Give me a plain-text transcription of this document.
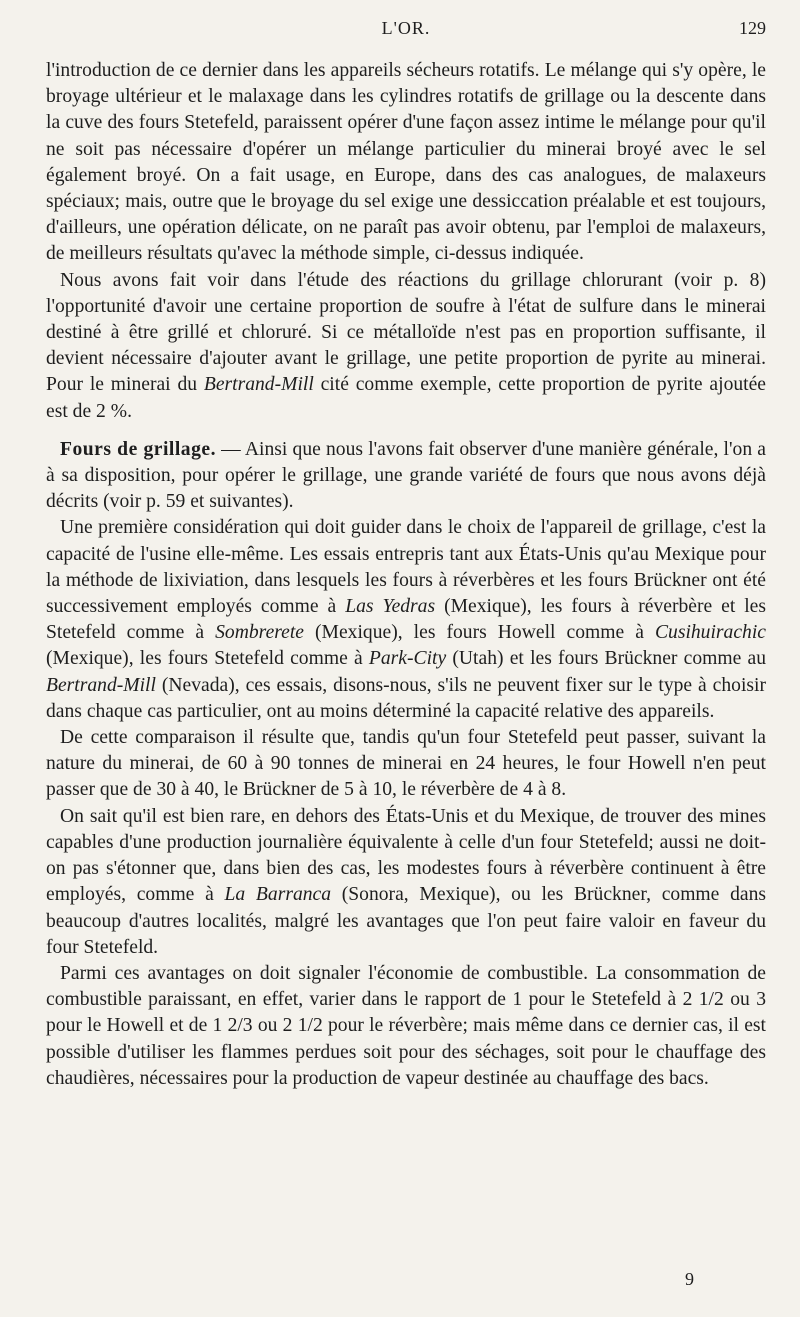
L'OR.	129

l'introduction de ce dernier dans les appareils sécheurs rotatifs. Le mélange qui s'y opère, le broyage ultérieur et le malaxage dans les cylindres rotatifs de grillage ou la descente dans la cuve des fours Stetefeld, paraissent opérer d'une façon assez intime le mélange pour qu'il ne soit pas nécessaire d'opérer un mélange particulier du minerai broyé avec le sel également broyé. On a fait usage, en Europe, dans des cas analogues, de malaxeurs spéciaux; mais, outre que le broyage du sel exige une dessiccation préalable et est toujours, d'ailleurs, une opération délicate, on ne paraît pas avoir obtenu, par l'emploi de malaxeurs, de meilleurs résultats qu'avec la méthode simple, ci-dessus indiquée.

Nous avons fait voir dans l'étude des réactions du grillage chlorurant (voir p. 8) l'opportunité d'avoir une certaine proportion de soufre à l'état de sulfure dans le minerai destiné à être grillé et chloruré. Si ce métalloïde n'est pas en proportion suffisante, il devient nécessaire d'ajouter avant le grillage, une petite proportion de pyrite au minerai. Pour le minerai du Bertrand-Mill cité comme exemple, cette proportion de pyrite ajoutée est de 2 %.

Fours de grillage. — Ainsi que nous l'avons fait observer d'une manière générale, l'on a à sa disposition, pour opérer le grillage, une grande variété de fours que nous avons déjà décrits (voir p. 59 et suivantes).

Une première considération qui doit guider dans le choix de l'appareil de grillage, c'est la capacité de l'usine elle-même. Les essais entrepris tant aux États-Unis qu'au Mexique pour la méthode de lixiviation, dans lesquels les fours à réverbères et les fours Brückner ont été successivement employés comme à Las Yedras (Mexique), les fours à réverbère et les Stetefeld comme à Sombrerete (Mexique), les fours Howell comme à Cusihuirachic (Mexique), les fours Stetefeld comme à Park-City (Utah) et les fours Brückner comme au Bertrand-Mill (Nevada), ces essais, disons-nous, s'ils ne peuvent fixer sur le type à choisir dans chaque cas particulier, ont au moins déterminé la capacité relative des appareils.

De cette comparaison il résulte que, tandis qu'un four Stetefeld peut passer, suivant la nature du minerai, de 60 à 90 tonnes de minerai en 24 heures, le four Howell n'en peut passer que de 30 à 40, le Brückner de 5 à 10, le réverbère de 4 à 8.

On sait qu'il est bien rare, en dehors des États-Unis et du Mexique, de trouver des mines capables d'une production journalière équivalente à celle d'un four Stetefeld; aussi ne doit-on pas s'étonner que, dans bien des cas, les modestes fours à réverbère continuent à être employés, comme à La Barranca (Sonora, Mexique), ou les Brückner, comme dans beaucoup d'autres localités, malgré les avantages que l'on peut faire valoir en faveur du four Stetefeld.

Parmi ces avantages on doit signaler l'économie de combustible. La consommation de combustible paraissant, en effet, varier dans le rapport de 1 pour le Stetefeld à 2 1/2 ou 3 pour le Howell et de 1 2/3 ou 2 1/2 pour le réverbère; mais même dans ce dernier cas, il est possible d'utiliser les flammes perdues soit pour des séchages, soit pour le chauffage des chaudières, nécessaires pour la production de vapeur destinée au chauffage des bacs.

9
